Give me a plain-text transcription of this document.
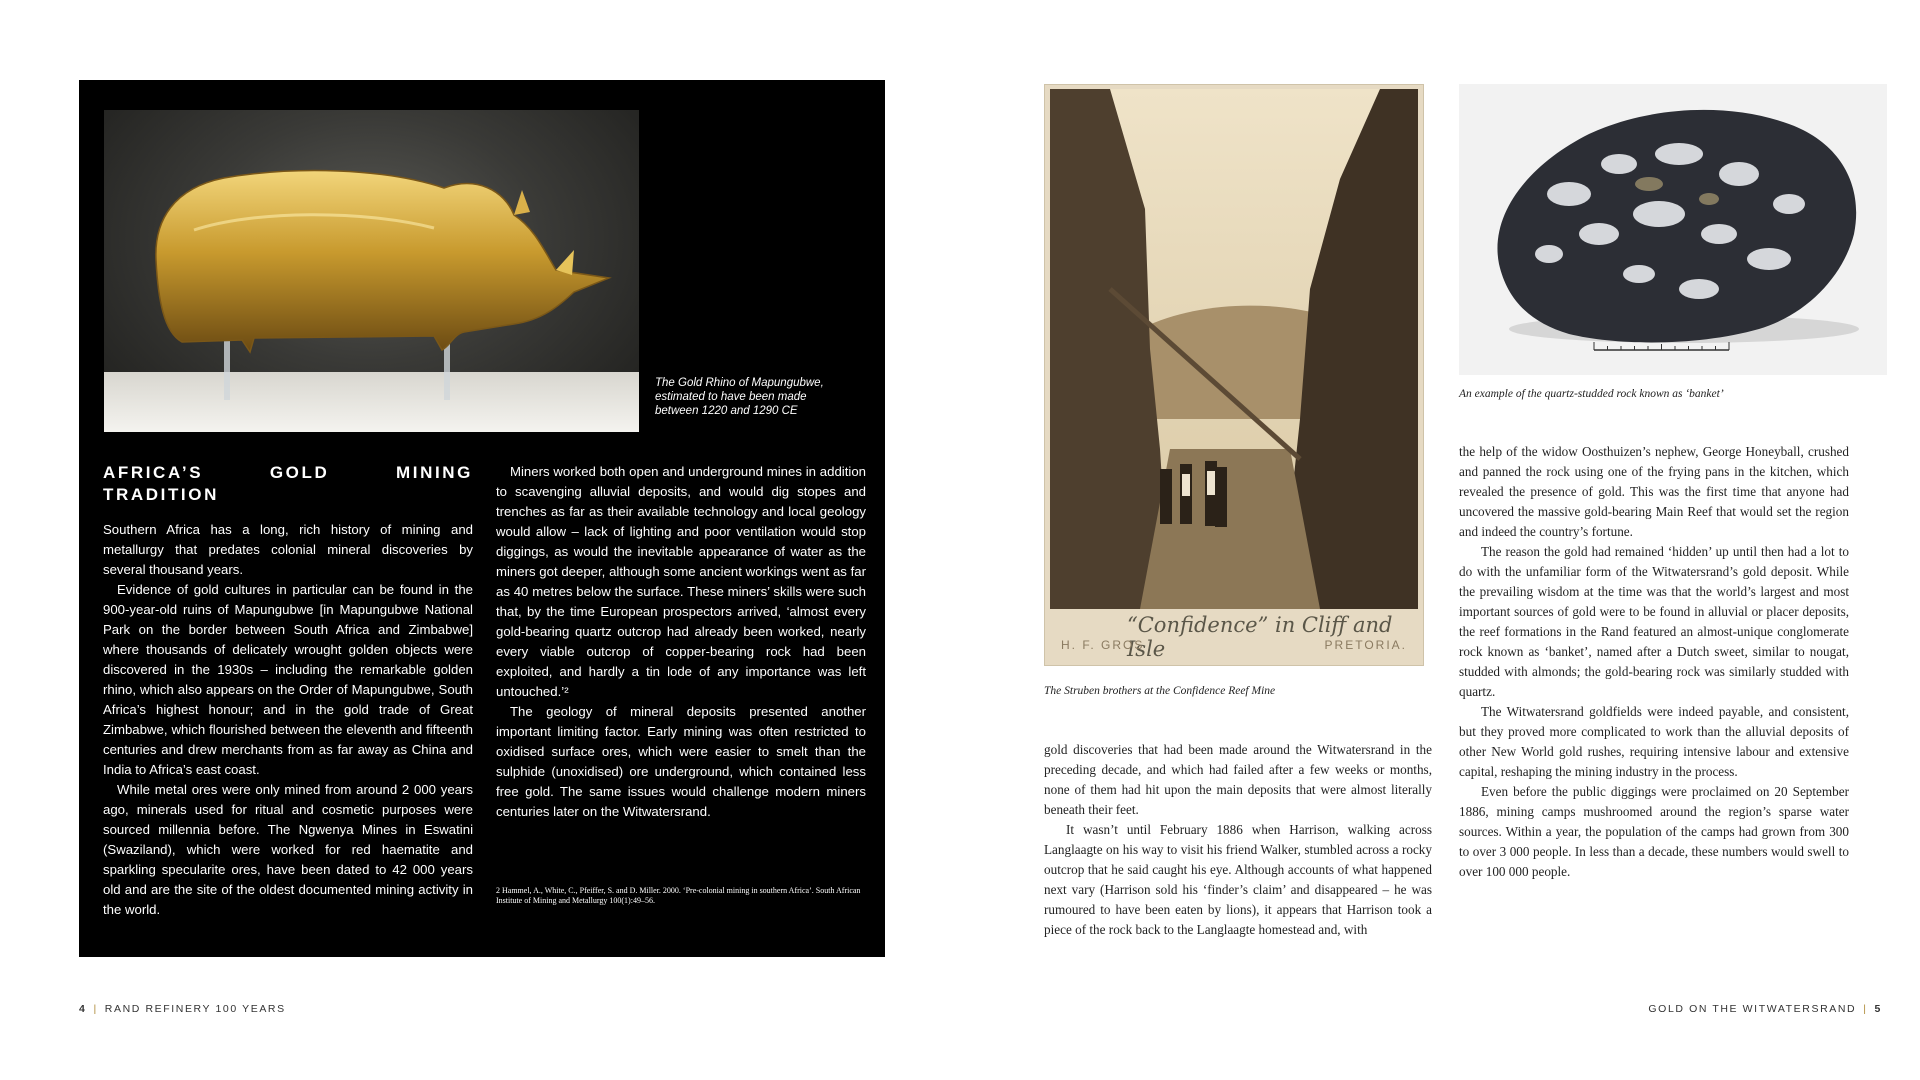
The Gold Rhino of Mapungubwe, estimated to have been made between 1220 and 1290 CE
AFRICA’S GOLD MINING TRADITION

Southern Africa has a long, rich history of mining and metallurgy that predates colonial mineral discoveries by several thousand years.

Evidence of gold cultures in particular can be found in the 900-year-old ruins of Mapungubwe [in Mapungubwe National Park on the border between South Africa and Zimbabwe] where thousands of delicately wrought golden objects were discovered in the 1930s – including the remarkable golden rhino, which also appears on the Order of Mapungubwe, South Africa’s highest honour; and in the gold trade of Great Zimbabwe, which flourished between the eleventh and fifteenth centuries and drew merchants from as far away as China and India to Africa’s east coast.

While metal ores were only mined from around 2 000 years ago, minerals used for ritual and cosmetic purposes were sourced millennia before. The Ngwenya Mines in Eswatini (Swaziland), which were worked for red haematite and sparkling specularite ores, have been dated to 42 000 years old and are the site of the oldest documented mining activity in the world.

Miners worked both open and underground mines in addition to scavenging alluvial deposits, and would dig stopes and trenches as far as their available technology and local geology would allow – lack of lighting and poor ventilation would stop diggings, as would the inevitable appearance of water as the miners got deeper, although some ancient workings went as far as 40 metres below the surface. These miners’ skills were such that, by the time European prospectors arrived, ‘almost every gold-bearing quartz outcrop had already been worked, nearly every viable outcrop of copper-bearing rock had been exploited, and hardly a tin lode of any importance was left untouched.’²

The geology of mineral deposits presented another important limiting factor. Early mining was often restricted to oxidised surface ores, which were easier to smelt than the sulphide (unoxidised) ore underground, which contained less free gold. The same issues would challenge modern miners centuries later on the Witwatersrand.

2 Hammel, A., White, C., Pfeiffer, S. and D. Miller. 2000. ‘Pre-colonial mining in southern Africa’. South African Institute of Mining and Metallurgy 100(1):49–56.
4 | RAND REFINERY 100 YEARS
“Confidence” in Cliff and Isle
H. F. GROS	PRETORIA.
The Struben brothers at the Confidence Reef Mine
An example of the quartz-studded rock known as ‘banket’

gold discoveries that had been made around the Witwatersrand in the preceding decade, and which had failed after a few weeks or months, none of them had hit upon the main deposits that were almost literally beneath their feet.

It wasn’t until February 1886 when Harrison, walking across Langlaagte on his way to visit his friend Walker, stumbled across a rocky outcrop that he said caught his eye. Although accounts of what happened next vary (Harrison sold his ‘finder’s claim’ and disappeared – he was rumoured to have been eaten by lions), it appears that Harrison took a piece of the rock back to the Langlaagte homestead and, with

the help of the widow Oosthuizen’s nephew, George Honeyball, crushed and panned the rock using one of the frying pans in the kitchen, which revealed the presence of gold. This was the first time that anyone had uncovered the massive gold-bearing Main Reef that would set the region and indeed the country’s fortune.

The reason the gold had remained ‘hidden’ up until then had a lot to do with the unfamiliar form of the Witwatersrand’s gold deposit. While the prevailing wisdom at the time was that the world’s largest and most important sources of gold were to be found in alluvial or placer deposits, the reef formations in the Rand featured an almost-unique conglomerate rock known as ‘banket’, named after a Dutch sweet, similar to nougat, studded with almonds; the gold-bearing rock was similarly studded with quartz.

The Witwatersrand goldfields were indeed payable, and consistent, but they proved more complicated to work than the alluvial deposits of other New World gold rushes, requiring intensive labour and extensive capital, reshaping the mining industry in the process.

Even before the public diggings were proclaimed on 20 September 1886, mining camps mushroomed around the region’s sparse water sources. Within a year, the population of the camps had grown from 300 to over 3 000 people. In less than a decade, these numbers would swell to over 100 000 people.

GOLD ON THE WITWATERSRAND | 5
